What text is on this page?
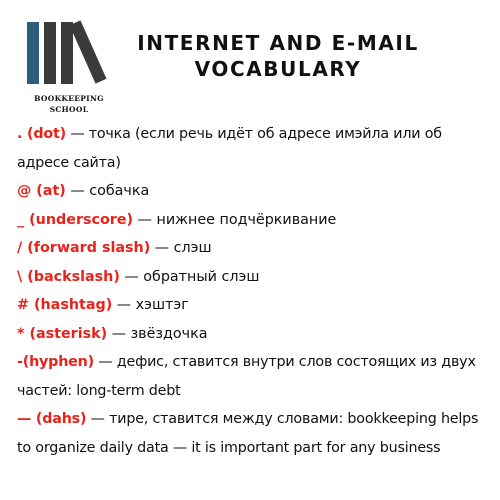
BOOKKEEPING
SCHOOL
INTERNET AND E-MAIL
VOCABULARY
. (dot) — точка (если речь идёт об адресе имэйла или об адресе сайта)
@ (at) — собачка
_ (underscore) — нижнее подчёркивание
/ (forward slash) — слэш
\ (backslash) — обратный слэш
# (hashtag) — хэштэг
* (asterisk) — звёздочка
-(hyphen) — дефис, ставится внутри слов состоящих из двух частей: long-term debt
— (dahs) — тире, ставится между словами: bookkeeping helps to organize daily data — it is important part for any business
